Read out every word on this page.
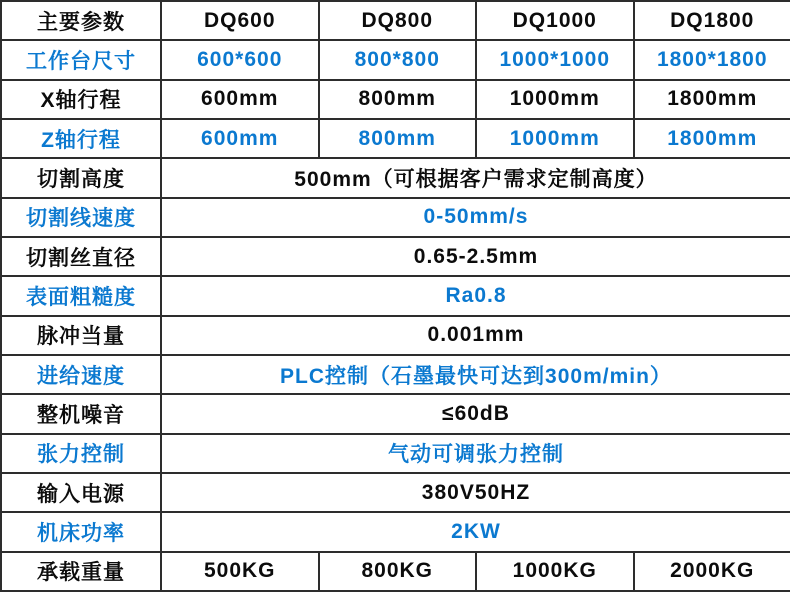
主要参数	DQ600	DQ800	DQ1000	DQ1800
工作台尺寸	600*600	800*800	1000*1000	1800*1800
X轴行程	600mm	800mm	1000mm	1800mm
Z轴行程	600mm	800mm	1000mm	1800mm
切割高度	500mm（可根据客户需求定制高度）			
切割线速度	0-50mm/s			
切割丝直径	0.65-2.5mm			
表面粗糙度	Ra0.8			
脉冲当量	0.001mm			
进给速度	PLC控制（石墨最快可达到300m/min）			
整机噪音	≤60dB			
张力控制	气动可调张力控制			
输入电源	380V50HZ			
机床功率	2KW			
承载重量	500KG	800KG	1000KG	2000KG
